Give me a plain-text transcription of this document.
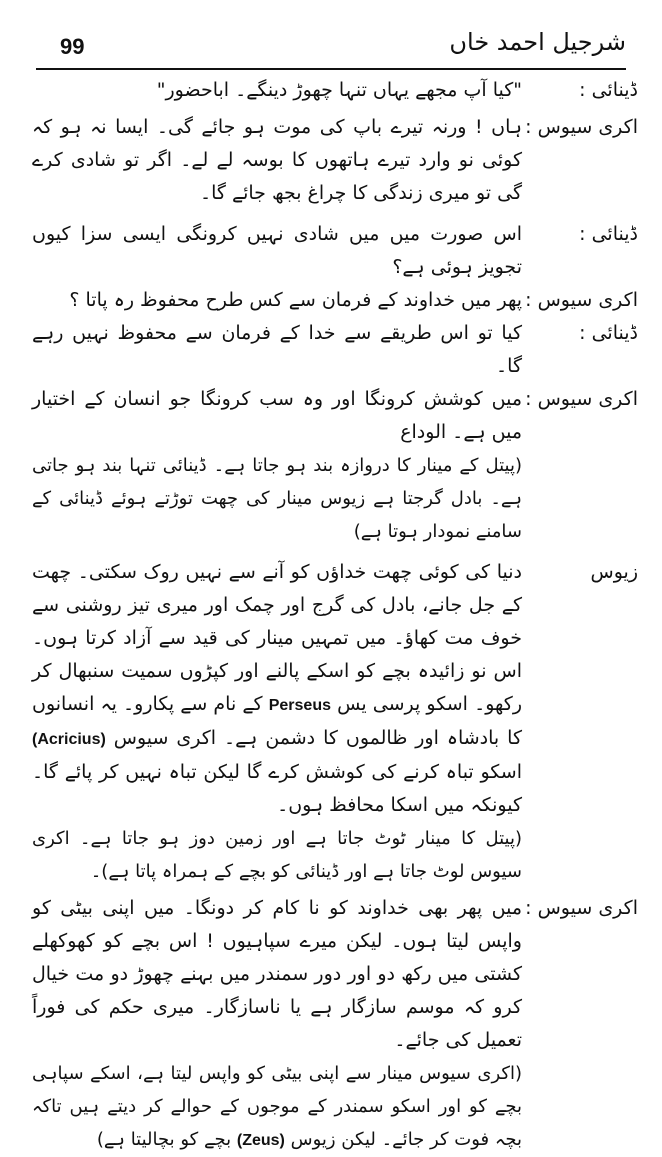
99	شرجیل احمد خاں
ڈینائی :
"کیا آپ مجھے یہاں تنہا چھوڑ دینگے۔ اباحضور"
اکری سیوس :
ہاں ! ورنہ تیرے باپ کی موت ہو جائے گی۔ ایسا نہ ہو کہ کوئی نو وارد تیرے ہاتھوں کا بوسہ لے لے۔ اگر تو شادی کرے گی تو میری زندگی کا چراغ بجھ جائے گا۔
ڈینائی :
اس صورت میں میں شادی نہیں کرونگی ایسی سزا کیوں تجویز ہوئی ہے؟
اکری سیوس :
پھر میں خداوند کے فرمان سے کس طرح محفوظ رہ پاتا ؟
ڈینائی :
کیا تو اس طریقے سے خدا کے فرمان سے محفوظ نہیں رہے گا۔
اکری سیوس :
میں کوشش کرونگا اور وہ سب کرونگا جو انسان کے اختیار میں ہے۔ الوداع
(پیتل کے مینار کا دروازہ بند ہو جاتا ہے۔ ڈینائی تنہا بند ہو جاتی ہے۔ بادل گرجتا ہے زیوس مینار کی چھت توڑتے ہوئے ڈینائی کے سامنے نمودار ہوتا ہے)
زیوس
دنیا کی کوئی چھت خداؤں کو آنے سے نہیں روک سکتی۔ چھت کے جل جانے، بادل کی گرج اور چمک اور میری تیز روشنی سے خوف مت کھاؤ۔ میں تمہیں مینار کی قید سے آزاد کرتا ہوں۔ اس نو زائیدہ بچے کو اسکے پالنے اور کپڑوں سمیت سنبھال کر رکھو۔ اسکو پرسی یس Perseus کے نام سے پکارو۔ یہ انسانوں کا بادشاہ اور ظالموں کا دشمن ہے۔ اکری سیوس (Acricius) اسکو تباہ کرنے کی کوشش کرے گا لیکن تباہ نہیں کر پائے گا۔ کیونکہ میں اسکا محافظ ہوں۔
(پیتل کا مینار ٹوٹ جاتا ہے اور زمین دوز ہو جاتا ہے۔ اکری سیوس لوٹ جاتا ہے اور ڈینائی کو بچے کے ہمراہ پاتا ہے)۔
اکری سیوس :
میں پھر بھی خداوند کو نا کام کر دونگا۔ میں اپنی بیٹی کو واپس لیتا ہوں۔ لیکن میرے سپاہیوں ! اس بچے کو کھوکھلے کشتی میں رکھ دو اور دور سمندر میں بہنے چھوڑ دو مت خیال کرو کہ موسم سازگار ہے یا ناسازگار۔ میری حکم کی فوراً تعمیل کی جائے۔
(اکری سیوس مینار سے اپنی بیٹی کو واپس لیتا ہے، اسکے سپاہی بچے کو اور اسکو سمندر کے موجوں کے حوالے کر دیتے ہیں تاکہ بچہ فوت کر جائے۔ لیکن زیوس (Zeus) بچے کو بچالیتا ہے)
